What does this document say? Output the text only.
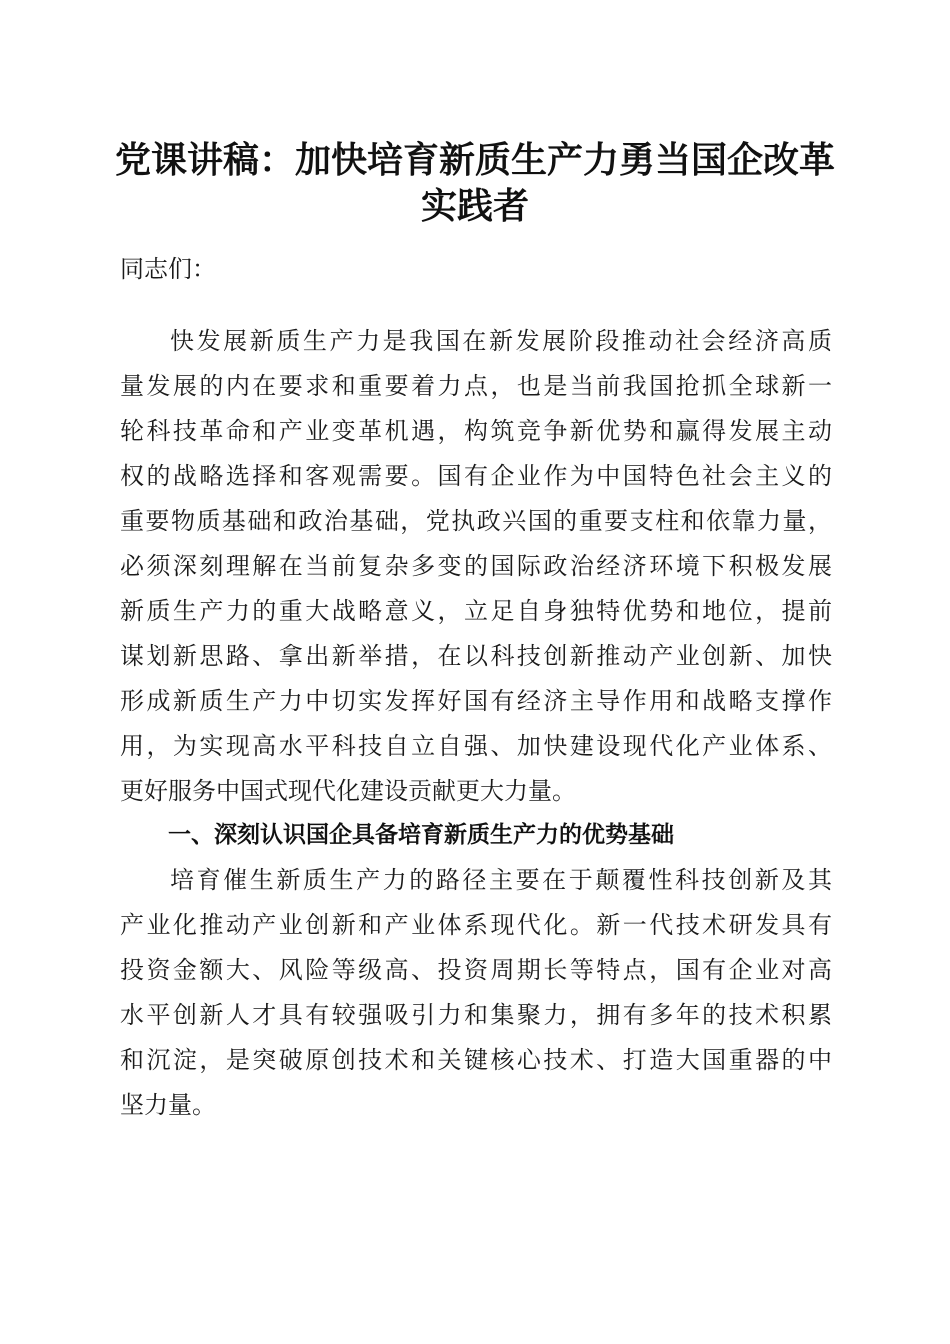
党课讲稿：加快培育新质生产力勇当国企改革
实践者
同志们：
快发展新质生产力是我国在新发展阶段推动社会经济高质
量发展的内在要求和重要着力点，也是当前我国抢抓全球新一
轮科技革命和产业变革机遇，构筑竞争新优势和赢得发展主动
权的战略选择和客观需要。国有企业作为中国特色社会主义的
重要物质基础和政治基础，党执政兴国的重要支柱和依靠力量，
必须深刻理解在当前复杂多变的国际政治经济环境下积极发展
新质生产力的重大战略意义，立足自身独特优势和地位，提前
谋划新思路、拿出新举措，在以科技创新推动产业创新、加快
形成新质生产力中切实发挥好国有经济主导作用和战略支撑作
用，为实现高水平科技自立自强、加快建设现代化产业体系、
更好服务中国式现代化建设贡献更大力量。
一、深刻认识国企具备培育新质生产力的优势基础
培育催生新质生产力的路径主要在于颠覆性科技创新及其
产业化推动产业创新和产业体系现代化。新一代技术研发具有
投资金额大、风险等级高、投资周期长等特点，国有企业对高
水平创新人才具有较强吸引力和集聚力，拥有多年的技术积累
和沉淀，是突破原创技术和关键核心技术、打造大国重器的中
坚力量。
